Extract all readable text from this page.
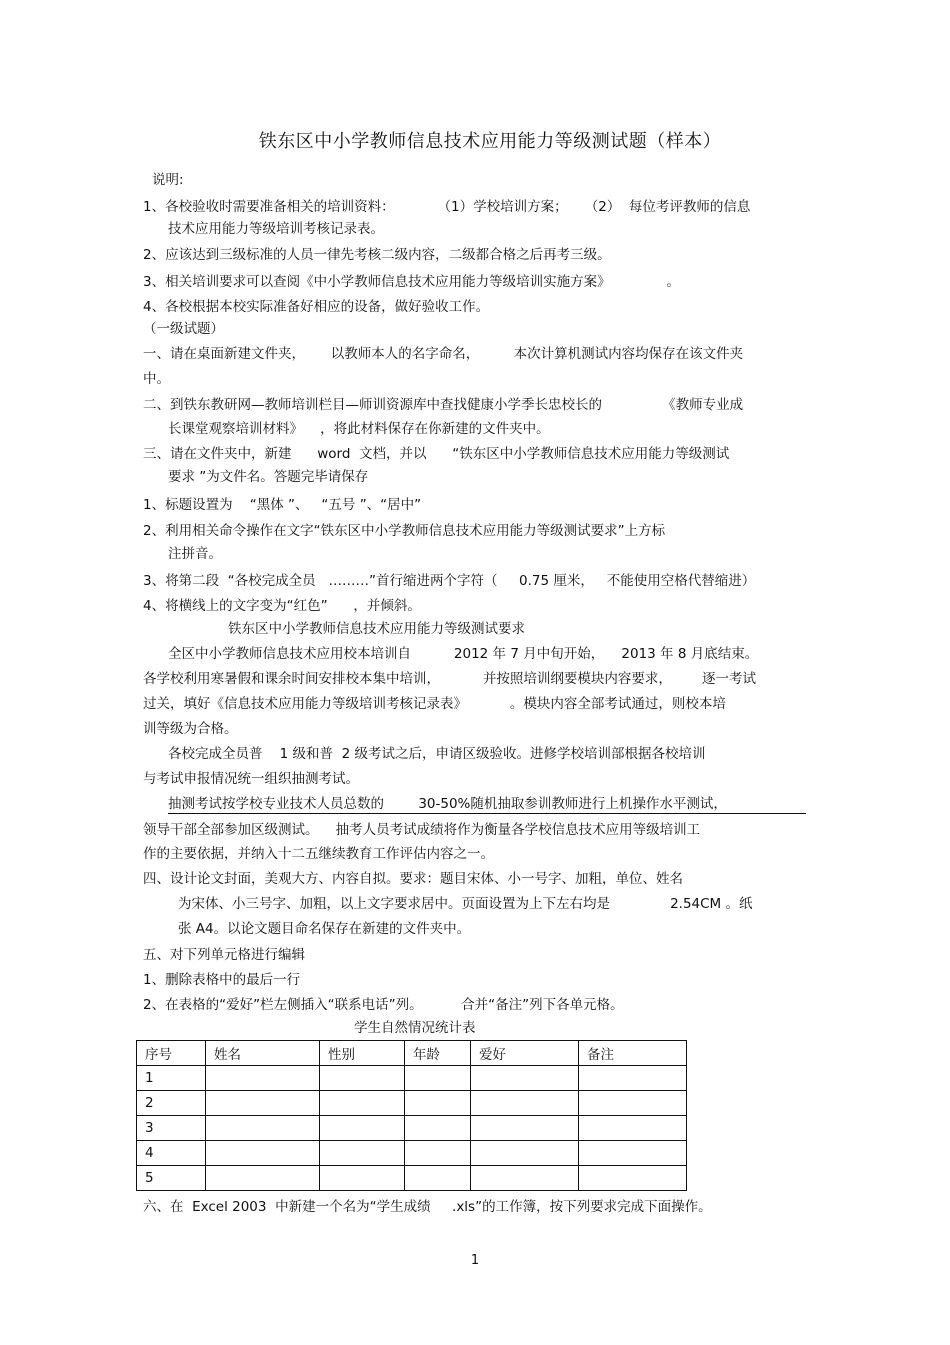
铁东区中小学教师信息技术应用能力等级测试题（样本）
说明:
1、各校验收时需要准备相关的培训资料：          （1）学校培训方案；    （2）  每位考评教师的信息
技术应用能力等级培训考核记录表。
2、应该达到三级标准的人员一律先考核二级内容，二级都合格之后再考三级。
3、相关培训要求可以查阅《中小学教师信息技术应用能力等级培训实施方案》             。
4、各校根据本校实际准备好相应的设备，做好验收工作。
（一级试题）
一、请在桌面新建文件夹，      以教师本人的名字命名，        本次计算机测试内容均保存在该文件夹
中。
二、到铁东教研网—教师培训栏目—师训资源库中查找健康小学季长忠校长的              《教师专业成
长课堂观察培训材料》    ，将此材料保存在你新建的文件夹中。
三、请在文件夹中，新建      word  文档，并以      “铁东区中小学教师信息技术应用能力等级测试
要求 ”为文件名。答题完毕请保存
1、标题设置为    “黑体 ”、   “五号 ”、“居中”
2、利用相关命令操作在文字“铁东区中小学教师信息技术应用能力等级测试要求”上方标
注拼音。
3、将第二段  “各校完成全员   ………”首行缩进两个字符（     0.75 厘米，   不能使用空格代替缩进）
4、将横线上的文字变为“红色”      ，并倾斜。
铁东区中小学教师信息技术应用能力等级测试要求
全区中小学教师信息技术应用校本培训自          2012 年 7 月中旬开始，    2013 年 8 月底结束。
各学校利用寒暑假和课余时间安排校本集中培训，          并按照培训纲要模块内容要求，       逐一考试
过关，填好《信息技术应用能力等级培训考核记录表》          。模块内容全部考试通过，则校本培
训等级为合格。
各校完成全员普    1 级和普  2 级考试之后，申请区级验收。进修学校培训部根据各校培训
与考试申报情况统一组织抽测考试。
抽测考试按学校专业技术人员总数的        30-50%随机抽取参训教师进行上机操作水平测试，
领导干部全部参加区级测试。    抽考人员考试成绩将作为衡量各学校信息技术应用等级培训工
作的主要依据，并纳入十二五继续教育工作评估内容之一。
四、设计论文封面，美观大方、内容自拟。要求：题目宋体、小一号字、加粗，单位、姓名
为宋体、小三号字、加粗，以上文字要求居中。页面设置为上下左右均是              2.54CM 。纸
张 A4。以论文题目命名保存在新建的文件夹中。
五、对下列单元格进行编辑
1、删除表格中的最后一行
2、在表格的“爱好”栏左侧插入“联系电话”列。         合并“备注”列下各单元格。
学生自然情况统计表
序号	姓名	性别	年龄	爱好	备注
1					
2					
3					
4					
5					
六、在  Excel 2003  中新建一个名为“学生成绩     .xls”的工作簿，按下列要求完成下面操作。
1
